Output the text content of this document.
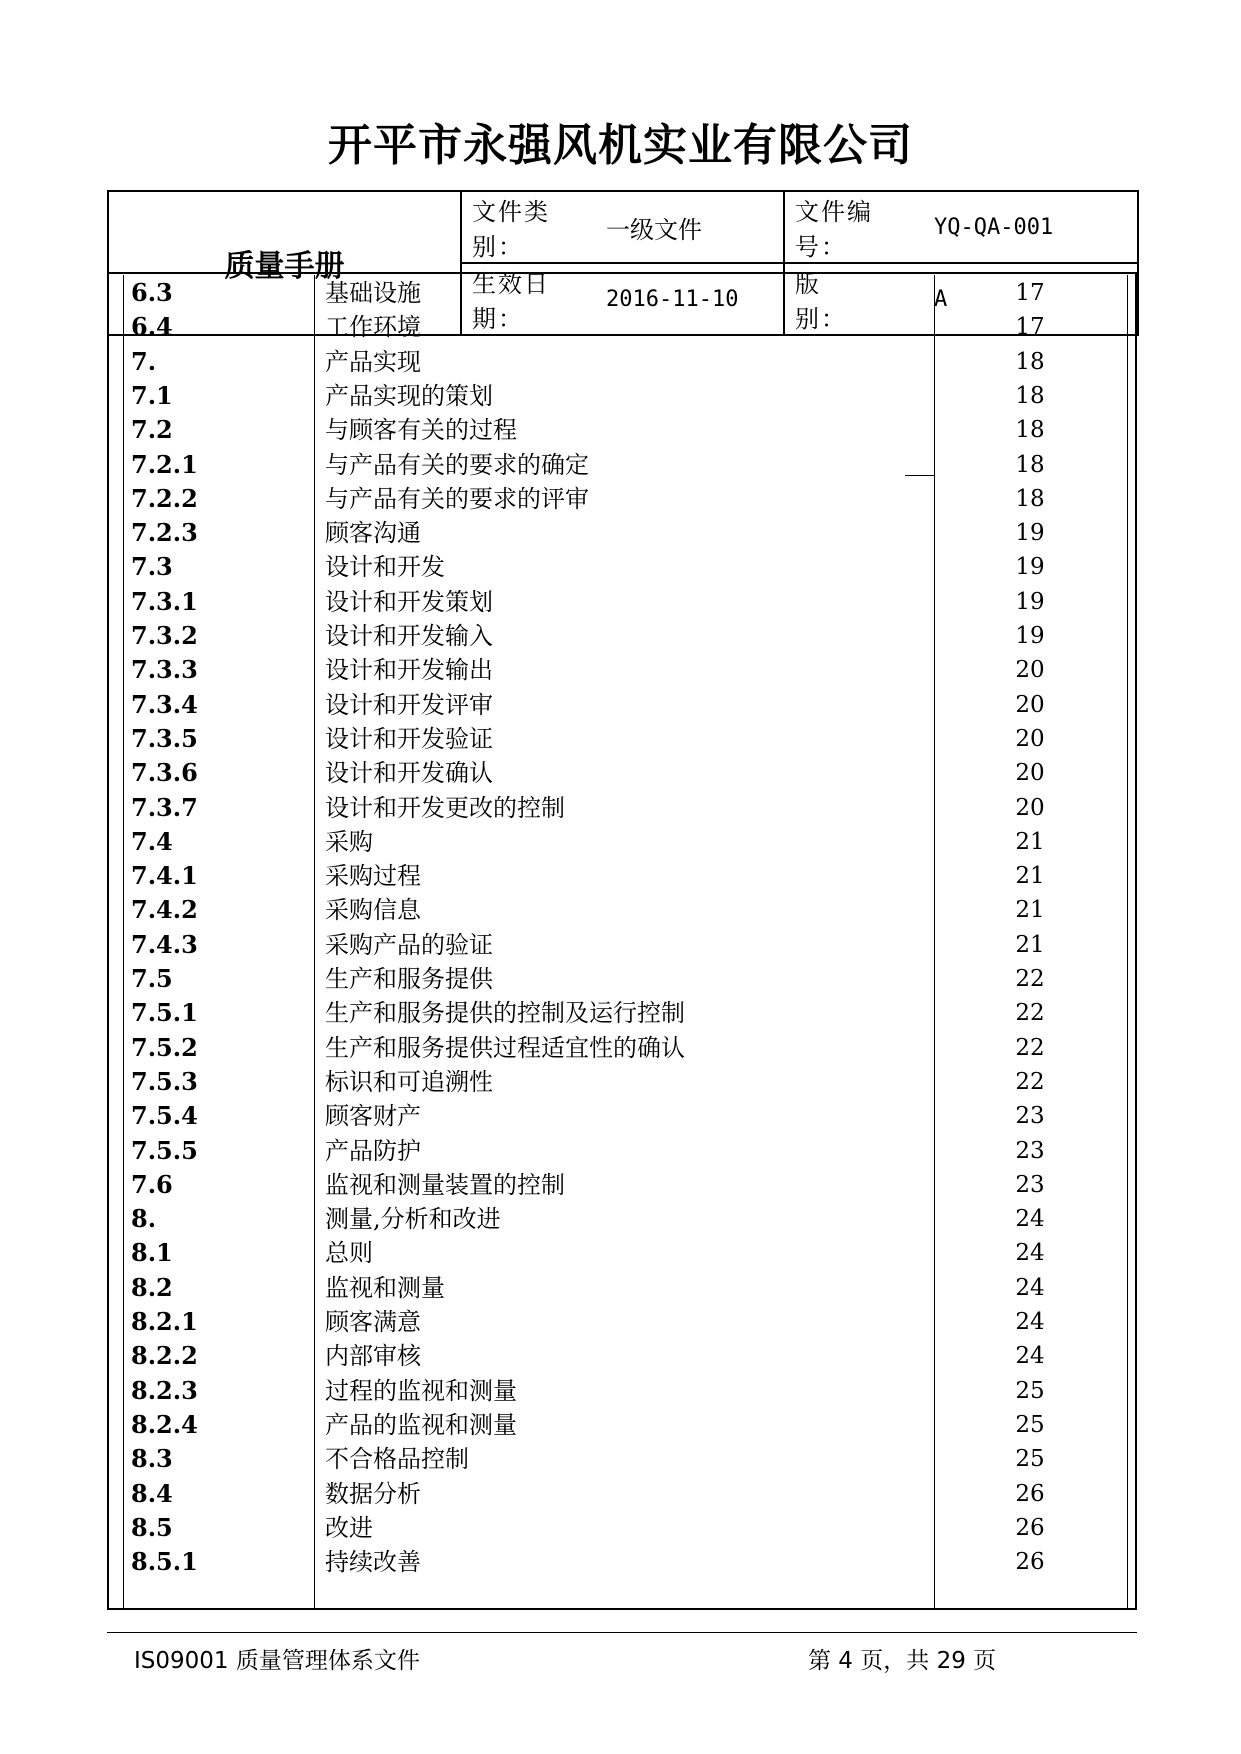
开平市永强风机实业有限公司
质量手册	文件类别：	一级文件	文件编号：	YQ-QA-001
	生效日期：	2016-11-10	版　　别：	A
6.3	基础设施	17
6.4	工作环境	17
7.	产品实现	18
7.1	产品实现的策划	18
7.2	与顾客有关的过程	18
7.2.1	与产品有关的要求的确定	18
7.2.2	与产品有关的要求的评审	18
7.2.3	顾客沟通	19
7.3	设计和开发	19
7.3.1	设计和开发策划	19
7.3.2	设计和开发输入	19
7.3.3	设计和开发输出	20
7.3.4	设计和开发评审	20
7.3.5	设计和开发验证	20
7.3.6	设计和开发确认	20
7.3.7	设计和开发更改的控制	20
7.4	采购	21
7.4.1	采购过程	21
7.4.2	采购信息	21
7.4.3	采购产品的验证	21
7.5	生产和服务提供	22
7.5.1	生产和服务提供的控制及运行控制	22
7.5.2	生产和服务提供过程适宜性的确认	22
7.5.3	标识和可追溯性	22
7.5.4	顾客财产	23
7.5.5	产品防护	23
7.6	监视和测量装置的控制	23
8.	测量,分析和改进	24
8.1	总则	24
8.2	监视和测量	24
8.2.1	顾客满意	24
8.2.2	内部审核	24
8.2.3	过程的监视和测量	25
8.2.4	产品的监视和测量	25
8.3	不合格品控制	25
8.4	数据分析	26
8.5	改进	26
8.5.1	持续改善	26
IS09001 质量管理体系文件	第 4 页，共 29 页
